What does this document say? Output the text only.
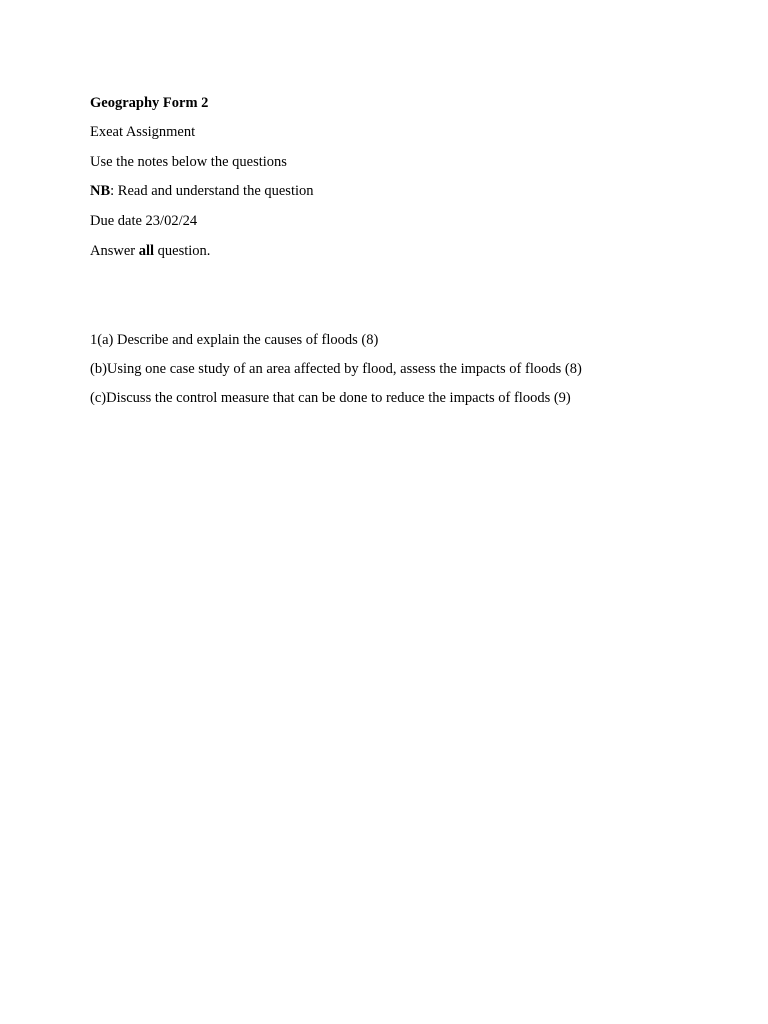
Geography Form 2
Exeat Assignment
Use the notes below the questions
NB: Read and understand the question
Due date 23/02/24
Answer all question.
1(a) Describe and explain the causes of floods (8)
(b)Using one case study of an area affected by flood, assess the impacts of floods (8)
(c)Discuss the control measure that can be done to reduce the impacts of floods (9)
